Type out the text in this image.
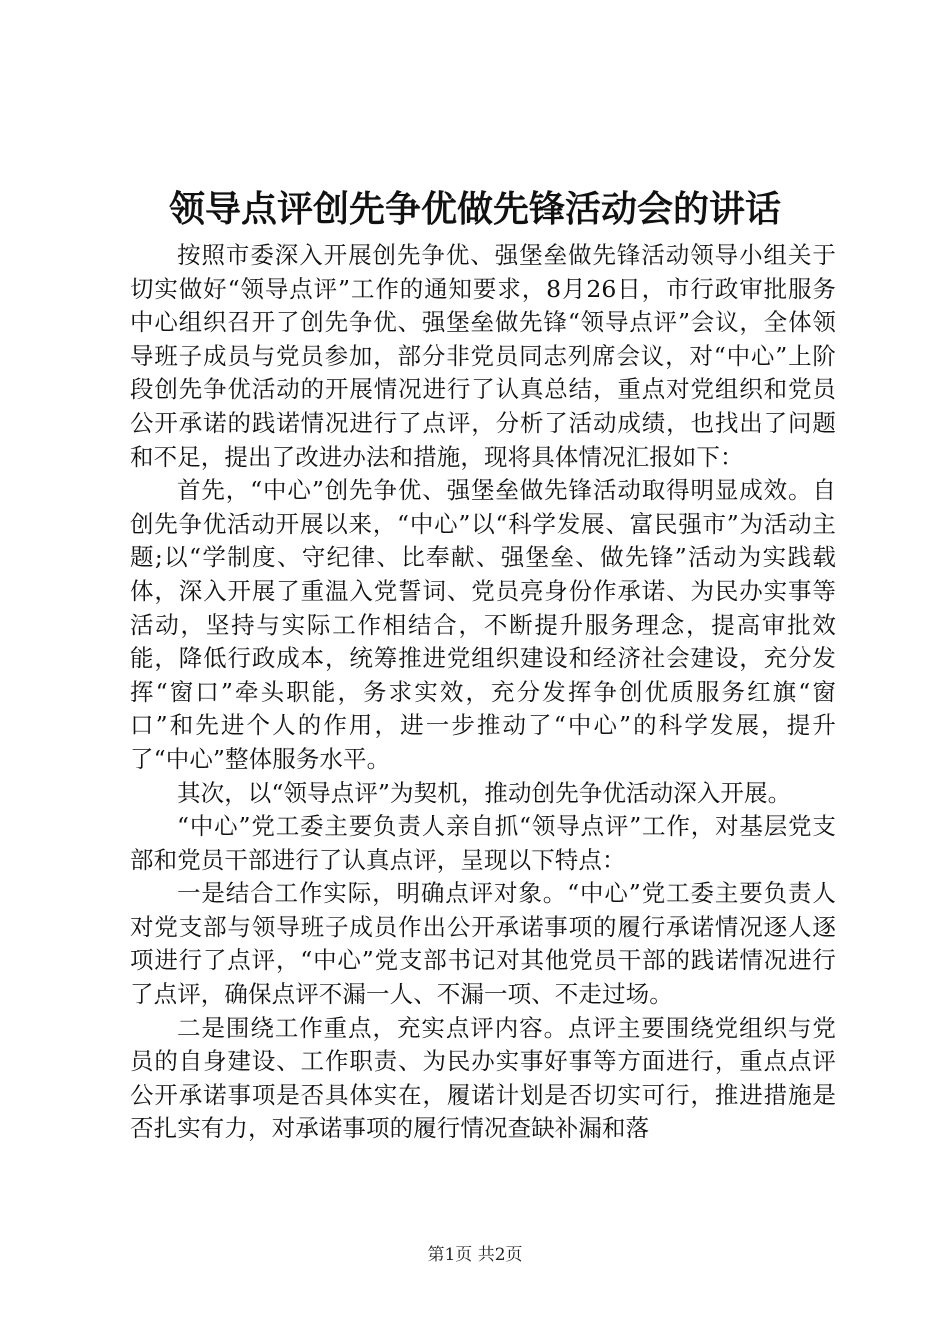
领导点评创先争优做先锋活动会的讲话

按照市委深入开展创先争优、强堡垒做先锋活动领导小组关于切实做好“领导点评”工作的通知要求，8月26日，市行政审批服务中心组织召开了创先争优、强堡垒做先锋“领导点评”会议，全体领导班子成员与党员参加，部分非党员同志列席会议，对“中心”上阶段创先争优活动的开展情况进行了认真总结，重点对党组织和党员公开承诺的践诺情况进行了点评，分析了活动成绩，也找出了问题和不足，提出了改进办法和措施，现将具体情况汇报如下：

首先，“中心”创先争优、强堡垒做先锋活动取得明显成效。自创先争优活动开展以来，“中心”以“科学发展、富民强市”为活动主题;以“学制度、守纪律、比奉献、强堡垒、做先锋”活动为实践载体，深入开展了重温入党誓词、党员亮身份作承诺、为民办实事等活动，坚持与实际工作相结合，不断提升服务理念，提高审批效能，降低行政成本，统筹推进党组织建设和经济社会建设，充分发挥“窗口”牵头职能，务求实效，充分发挥争创优质服务红旗“窗口”和先进个人的作用，进一步推动了“中心”的科学发展，提升了“中心”整体服务水平。

其次，以“领导点评”为契机，推动创先争优活动深入开展。

“中心”党工委主要负责人亲自抓“领导点评”工作，对基层党支部和党员干部进行了认真点评，呈现以下特点：

一是结合工作实际，明确点评对象。“中心”党工委主要负责人对党支部与领导班子成员作出公开承诺事项的履行承诺情况逐人逐项进行了点评，“中心”党支部书记对其他党员干部的践诺情况进行了点评，确保点评不漏一人、不漏一项、不走过场。

二是围绕工作重点，充实点评内容。点评主要围绕党组织与党员的自身建设、工作职责、为民办实事好事等方面进行，重点点评公开承诺事项是否具体实在，履诺计划是否切实可行，推进措施是否扎实有力，对承诺事项的履行情况查缺补漏和落

第1页 共2页
